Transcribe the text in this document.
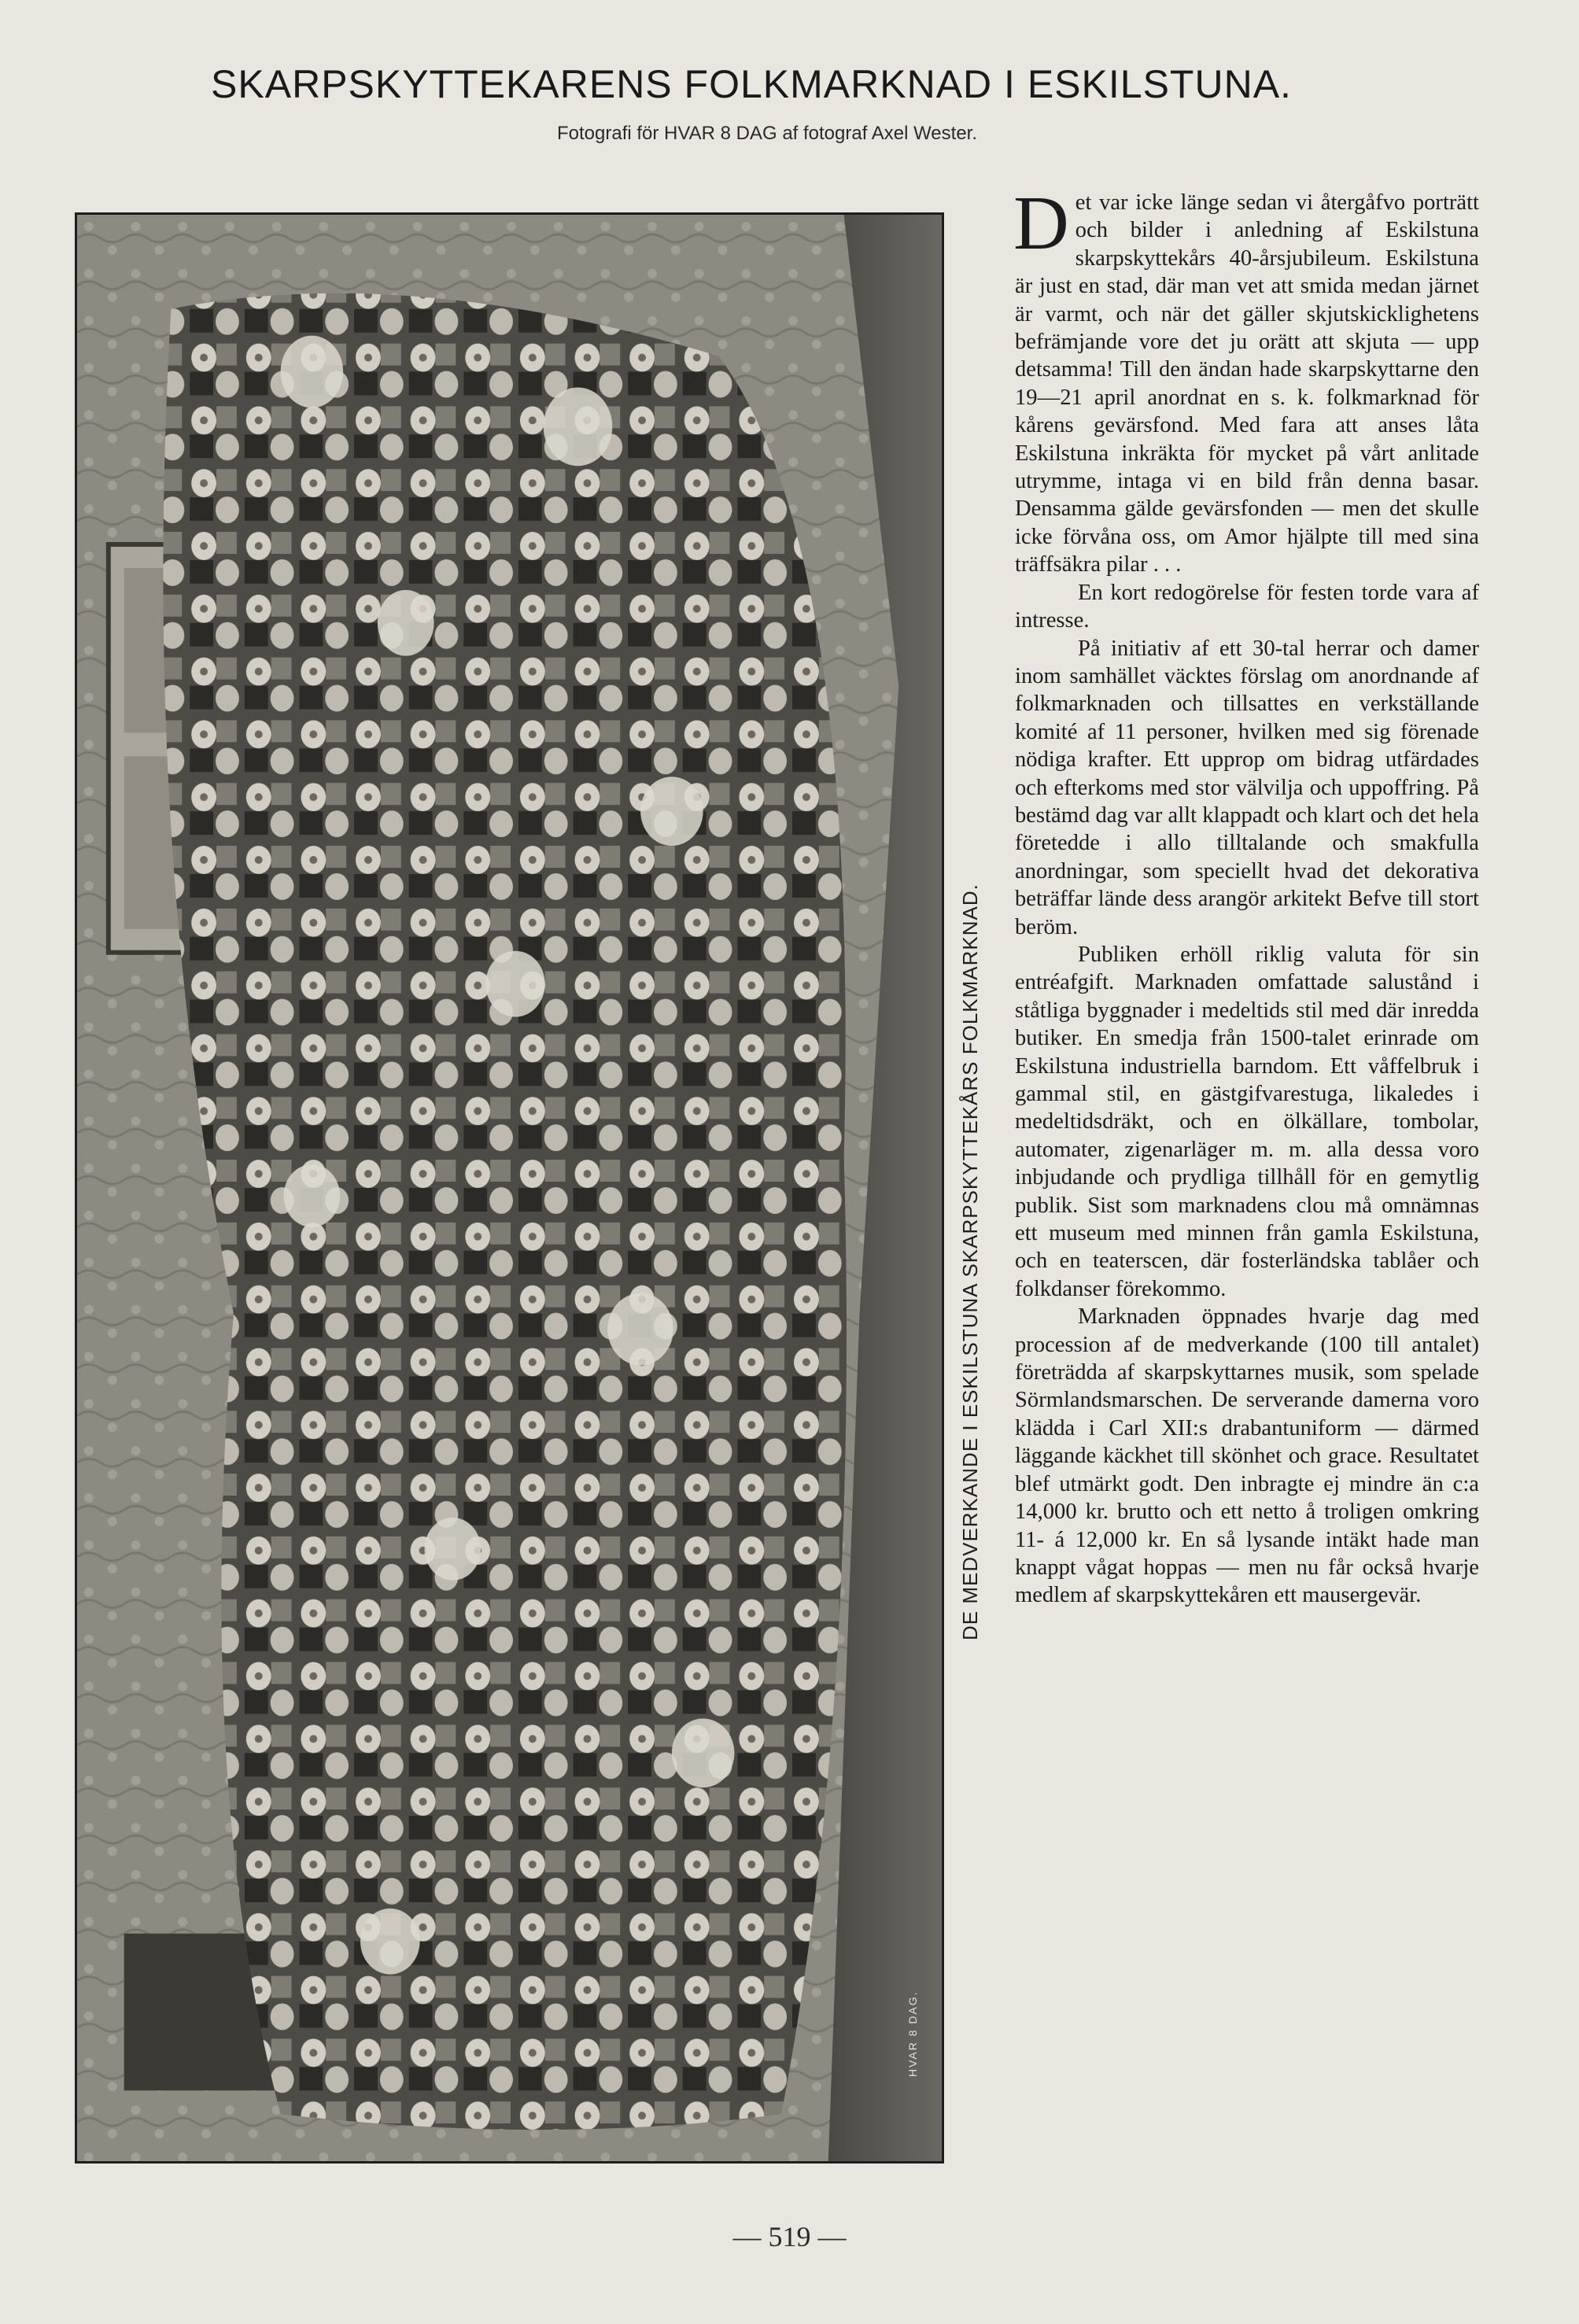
SKARPSKYTTEKARENS FOLKMARKNAD I ESKILSTUNA.
Fotografi för HVAR 8 DAG af fotograf Axel Wester.
HVAR 8 DAG.
DE MEDVERKANDE I ESKILSTUNA SKARPSKYTTEKÅRS FOLKMARKNAD.

Det var icke länge sedan vi återgåfvo porträtt och bilder i anledning af Eskilstuna skarpskyttekårs 40-årsjubileum. Eskilstuna är just en stad, där man vet att smida medan järnet är varmt, och när det gäller skjutskicklighetens befrämjande vore det ju orätt att skjuta — upp detsamma! Till den ändan hade skarpskyttarne den 19—21 april anordnat en s. k. folkmarknad för kårens gevärsfond. Med fara att anses låta Eskilstuna inkräkta för mycket på vårt anlitade utrymme, intaga vi en bild från denna basar. Densamma gälde gevärsfonden — men det skulle icke förvåna oss, om Amor hjälpte till med sina träffsäkra pilar . . .

En kort redogörelse för festen torde vara af intresse.

På initiativ af ett 30-tal herrar och damer inom samhället väcktes förslag om anordnande af folkmarknaden och tillsattes en verkställande komité af 11 personer, hvilken med sig förenade nödiga krafter. Ett upprop om bidrag utfärdades och efterkoms med stor välvilja och uppoffring. På bestämd dag var allt klappadt och klart och det hela företedde i allo tilltalande och smakfulla anordningar, som speciellt hvad det dekorativa beträffar lände dess arangör arkitekt Befve till stort beröm.

Publiken erhöll riklig valuta för sin entréafgift. Marknaden omfattade salustånd i ståtliga byggnader i medeltids stil med där inredda butiker. En smedja från 1500-talet erinrade om Eskilstuna industriella barndom. Ett våffelbruk i gammal stil, en gästgifvarestuga, likaledes i medeltidsdräkt, och en ölkällare, tombolar, automater, zigenarläger m. m. alla dessa voro inbjudande och prydliga tillhåll för en gemytlig publik. Sist som marknadens clou må omnämnas ett museum med minnen från gamla Eskilstuna, och en teaterscen, där fosterländska tablåer och folkdanser förekommo.

Marknaden öppnades hvarje dag med procession af de medverkande (100 till antalet) företrädda af skarpskyttarnes musik, som spelade Sörmlandsmarschen. De serverande damerna voro klädda i Carl XII:s drabantuniform — därmed läggande käckhet till skönhet och grace. Resultatet blef utmärkt godt. Den inbragte ej mindre än c:a 14,000 kr. brutto och ett netto å troligen omkring 11- á 12,000 kr. En så lysande intäkt hade man knappt vågat hoppas — men nu får också hvarje medlem af skarpskyttekåren ett mausergevär.

— 519 —
